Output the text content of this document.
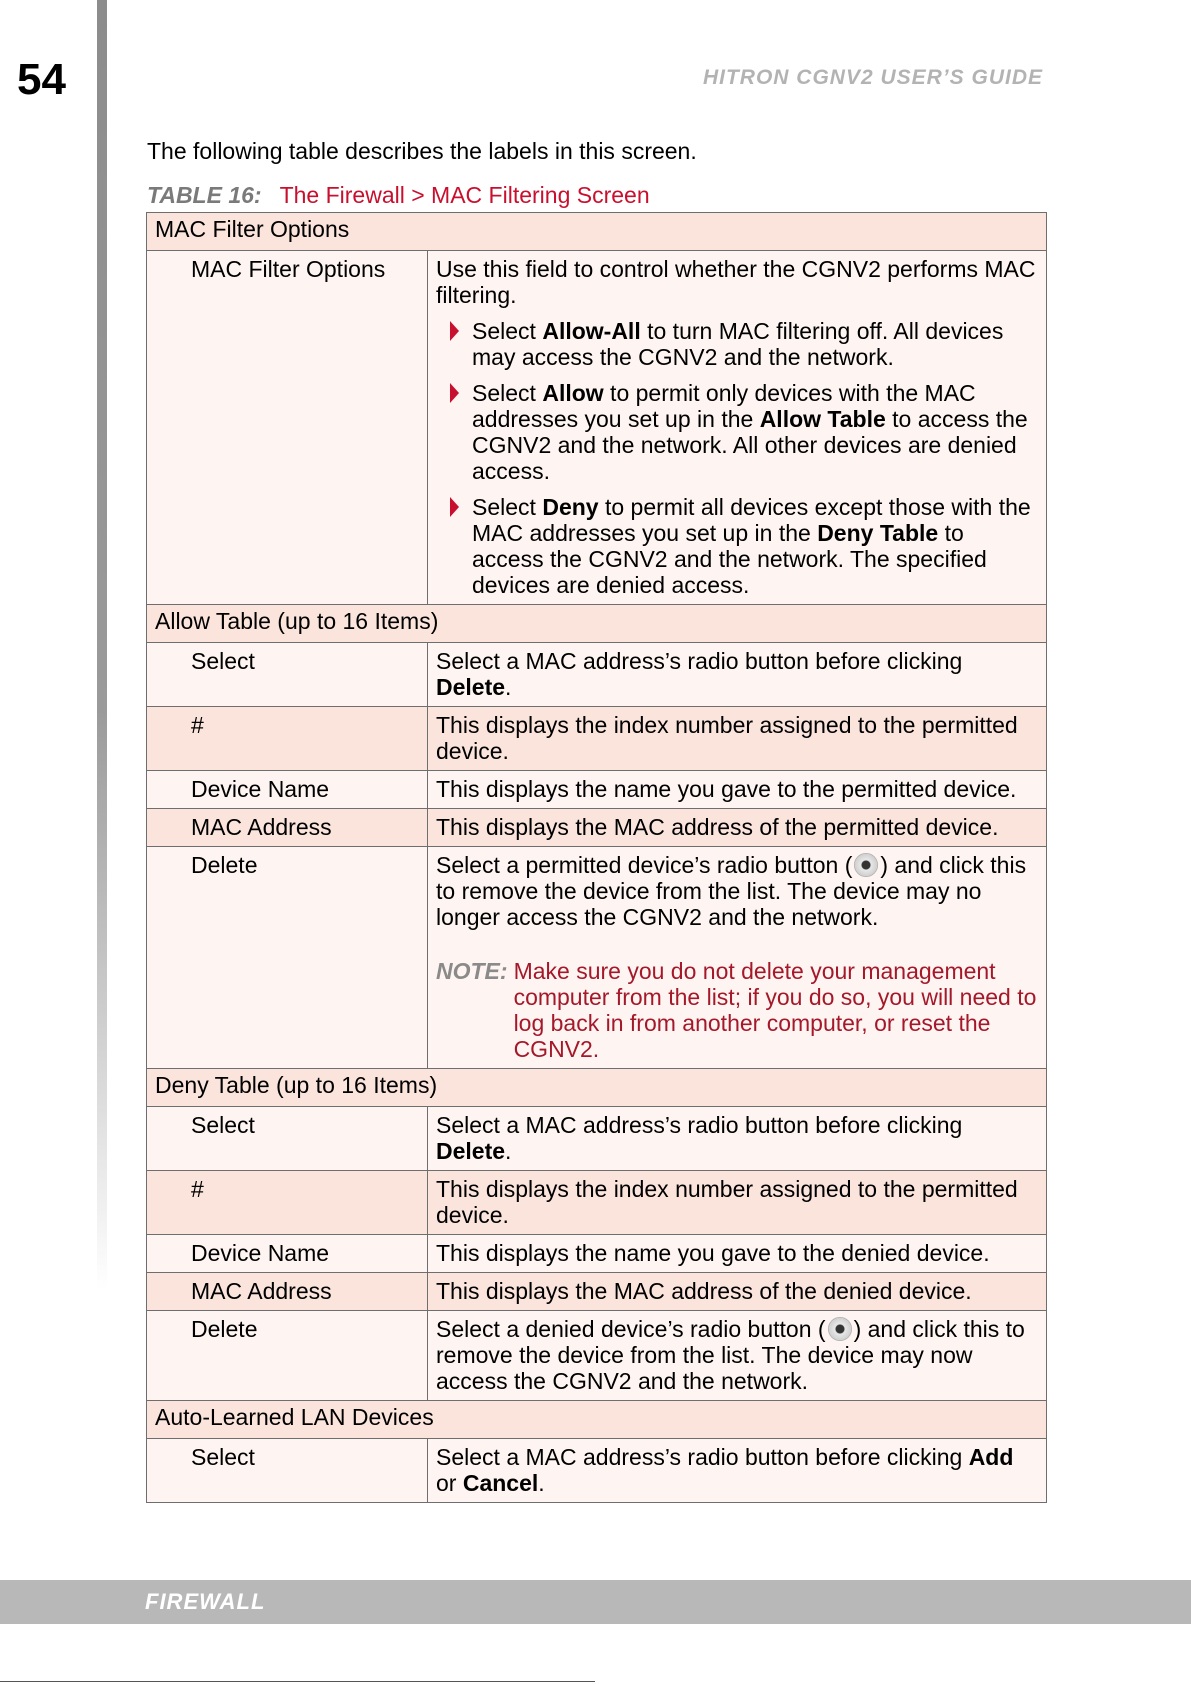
54	HITRON CGNV2 USER’S GUIDE
The following table describes the labels in this screen.
TABLE 16: The Firewall > MAC Filtering Screen
MAC Filter Options	
MAC Filter Options	Use this field to control whether the CGNV2 performs MAC filtering.
Select Allow-All to turn MAC filtering off. All devices may access the CGNV2 and the network.
Select Allow to permit only devices with the MAC addresses you set up in the Allow Table to access the CGNV2 and the network. All other devices are denied access.
Select Deny to permit all devices except those with the MAC addresses you set up in the Deny Table to access the CGNV2 and the network. The specified devices are denied access.

Allow Table (up to 16 Items)	
Select	Select a MAC address’s radio button before clicking Delete.
#	This displays the index number assigned to the permitted device.
Device Name	This displays the name you gave to the permitted device.
MAC Address	This displays the MAC address of the permitted device.
Delete	Select a permitted device’s radio button ( ) and click this to remove the device from the list. The device may no longer access the CGNV2 and the network.
NOTE: Make sure you do not delete your management computer from the list; if you do so, you will need to log back in from another computer, or reset the CGNV2.

Deny Table (up to 16 Items)	
Select	Select a MAC address’s radio button before clicking Delete.
#	This displays the index number assigned to the permitted device.
Device Name	This displays the name you gave to the denied device.
MAC Address	This displays the MAC address of the denied device.
Delete	Select a denied device’s radio button ( ) and click this to remove the device from the list. The device may now access the CGNV2 and the network.
Auto-Learned LAN Devices	
Select	Select a MAC address’s radio button before clicking Add or Cancel.
FIREWALL
